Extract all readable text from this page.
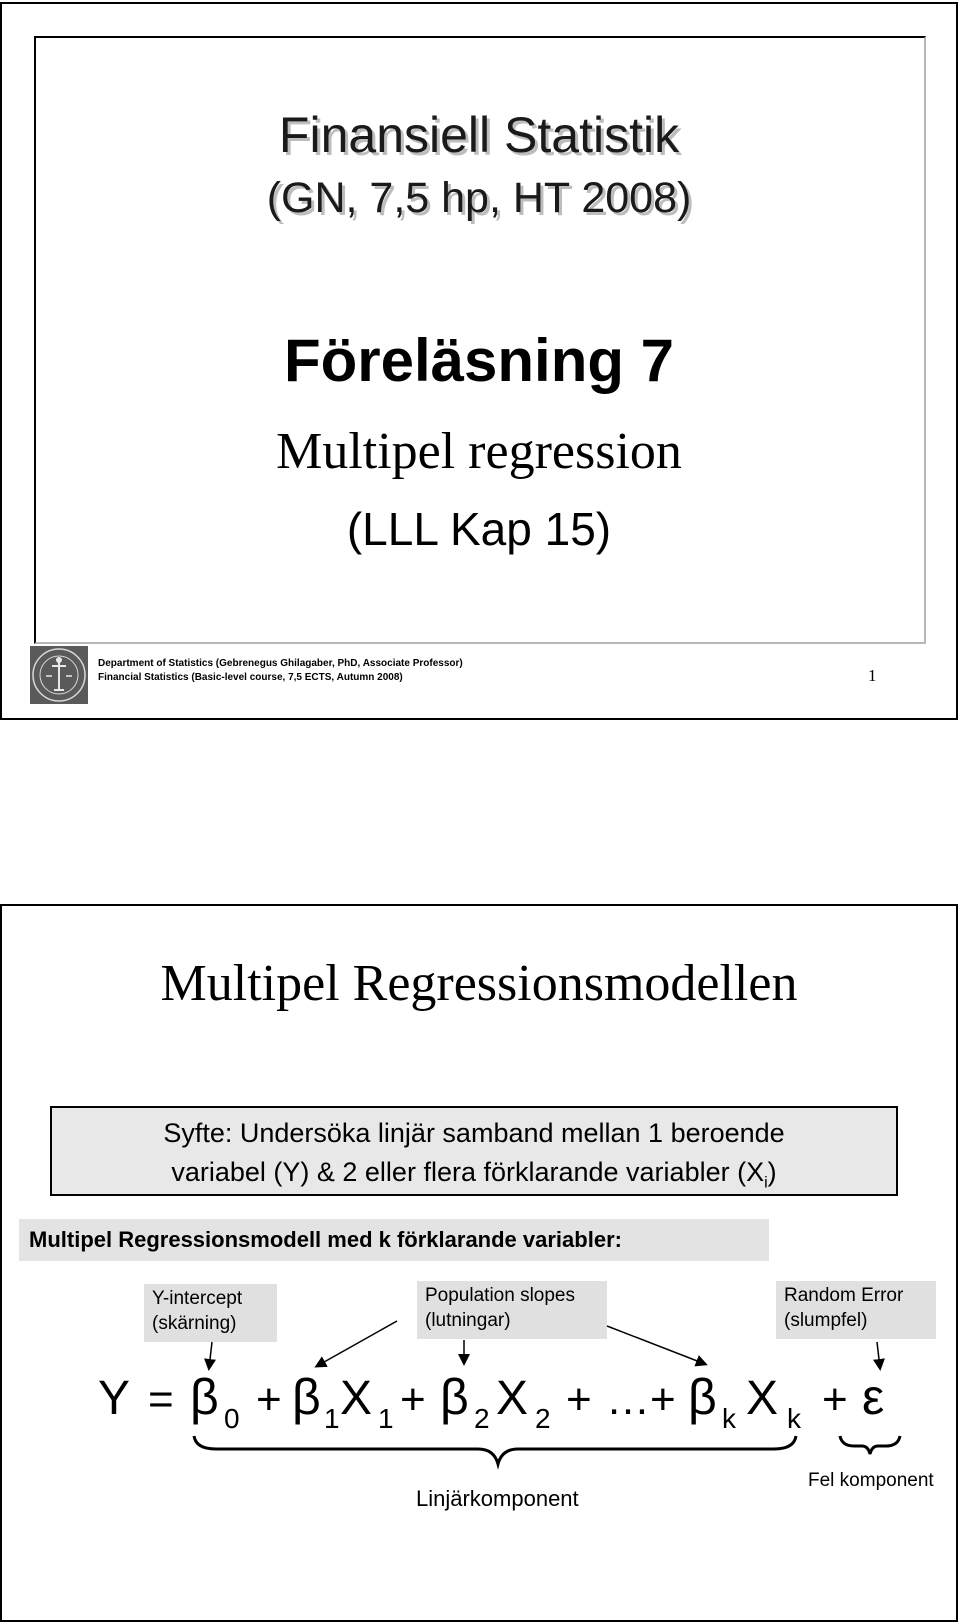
Finansiell Statistik
(GN, 7,5 hp, HT 2008)
Föreläsning 7
Multipel regression
(LLL Kap 15)
Department of Statistics (Gebrenegus Ghilagaber, PhD, Associate Professor)
Financial Statistics (Basic-level course, 7,5 ECTS, Autumn 2008)	1
Multipel Regressionsmodellen
Syfte: Undersöka linjär samband mellan 1 beroende
variabel (Y) & 2 eller flera förklarande variabler $(X_i)$
Multipel Regressionsmodell med k förklarande variabler:
Y-intercept
(skärning)
Population slopes
(lutningar)
Random Error
(slumpfel)
Y = β 0 + β 1 X 1 + β 2 X 2 + … + β k X k + ε
Linjärkomponent
Fel komponent
